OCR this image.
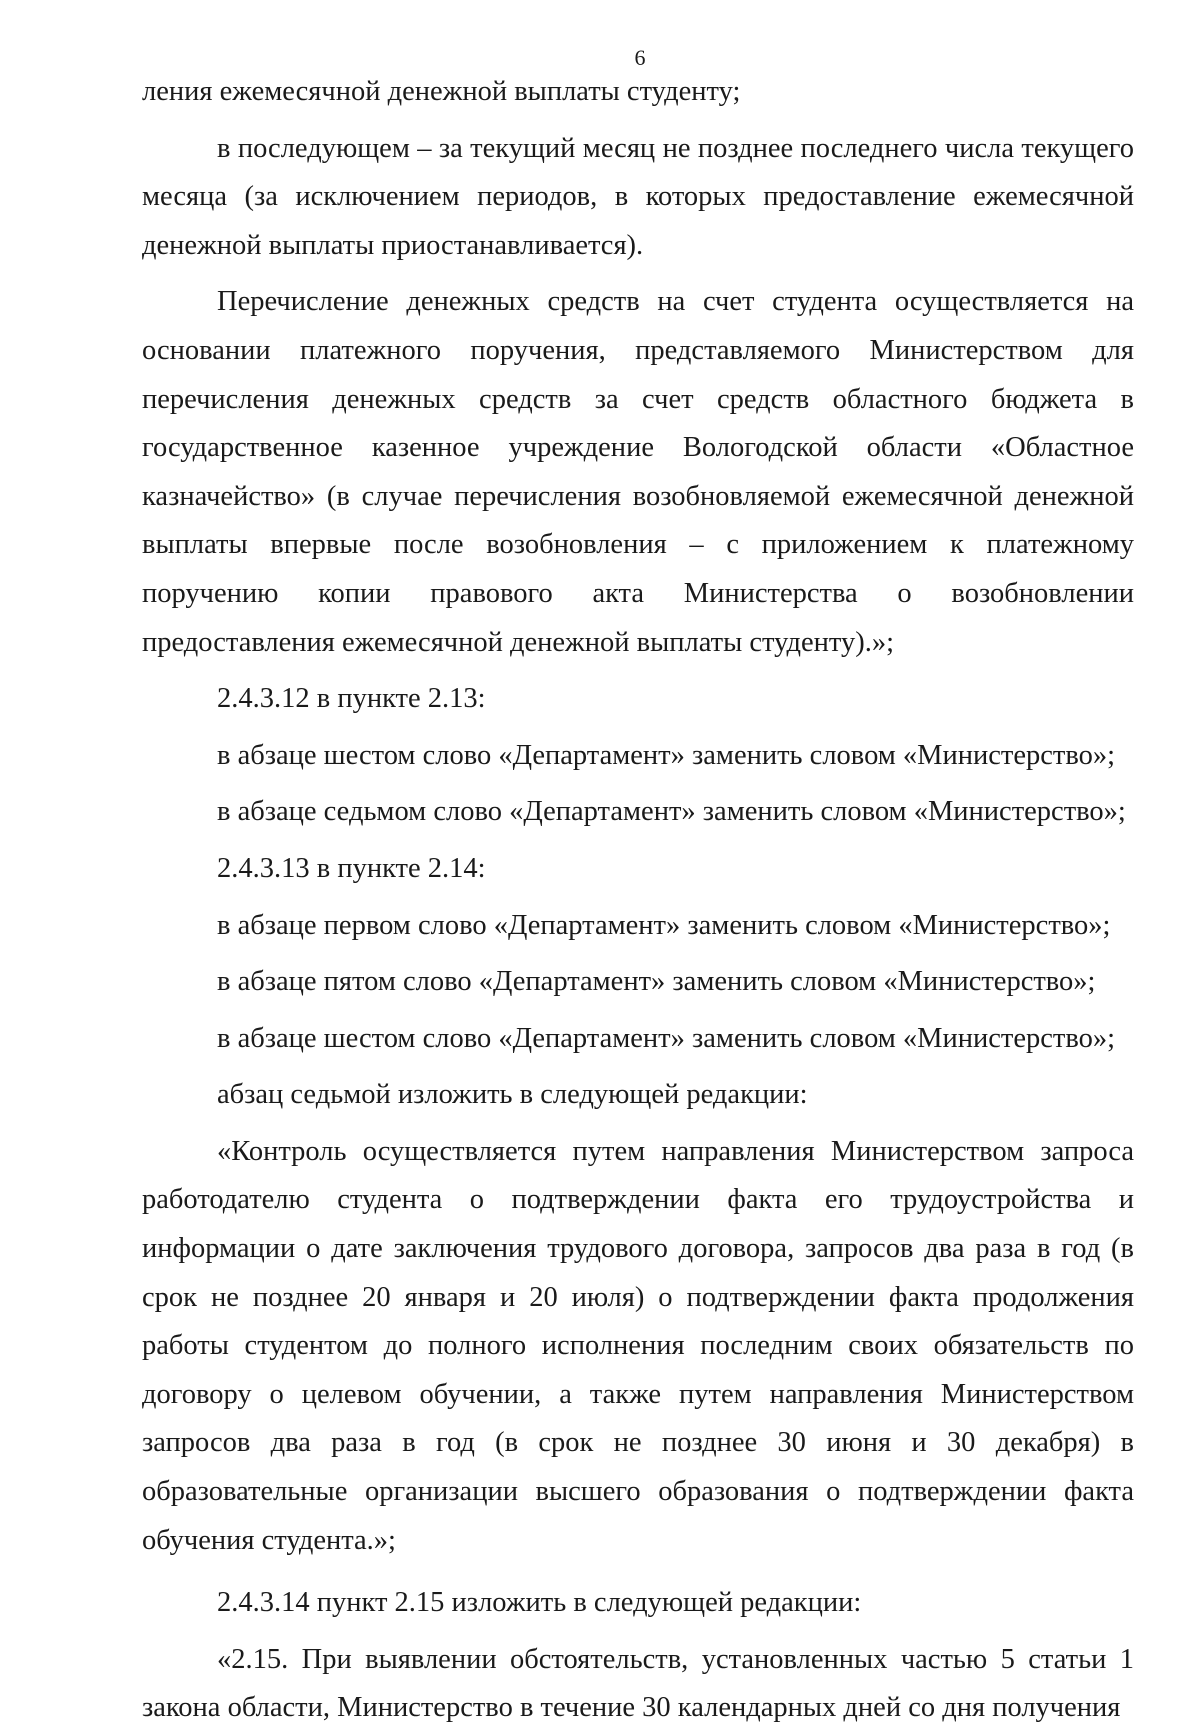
6

ления ежемесячной денежной выплаты студенту;

в последующем – за текущий месяц не позднее последнего числа текущего месяца (за исключением периодов, в которых предоставление ежемесячной денежной выплаты приостанавливается).

Перечисление денежных средств на счет студента осуществляется на основании платежного поручения, представляемого Министерством для перечисления денежных средств за счет средств областного бюджета в государственное казенное учреждение Вологодской области «Областное казначейство» (в случае перечисления возобновляемой ежемесячной денежной выплаты впервые после возобновления – с приложением к платежному поручению копии правового акта Министерства о возобновлении предоставления ежемесячной денежной выплаты студенту).»;

2.4.3.12 в пункте 2.13:

в абзаце шестом слово «Департамент» заменить словом «Министерство»;

в абзаце седьмом слово «Департамент» заменить словом «Министерство»;

2.4.3.13 в пункте 2.14:

в абзаце первом слово «Департамент» заменить словом «Министерство»;

в абзаце пятом слово «Департамент» заменить словом «Министерство»;

в абзаце шестом слово «Департамент» заменить словом «Министерство»;

абзац седьмой изложить в следующей редакции:

«Контроль осуществляется путем направления Министерством запроса работодателю студента о подтверждении факта его трудоустройства и информации о дате заключения трудового договора, запросов два раза в год (в срок не позднее 20 января и 20 июля) о подтверждении факта продолжения работы студентом до полного исполнения последним своих обязательств по договору о целевом обучении, а также путем направления Министерством запросов два раза в год (в срок не позднее 30 июня и 30 декабря) в образовательные организации высшего образования о подтверждении факта обучения студента.»;

2.4.3.14 пункт 2.15 изложить в следующей редакции:

«2.15. При выявлении обстоятельств, установленных частью 5 статьи 1 закона области, Министерство в течение 30 календарных дней со дня получения
